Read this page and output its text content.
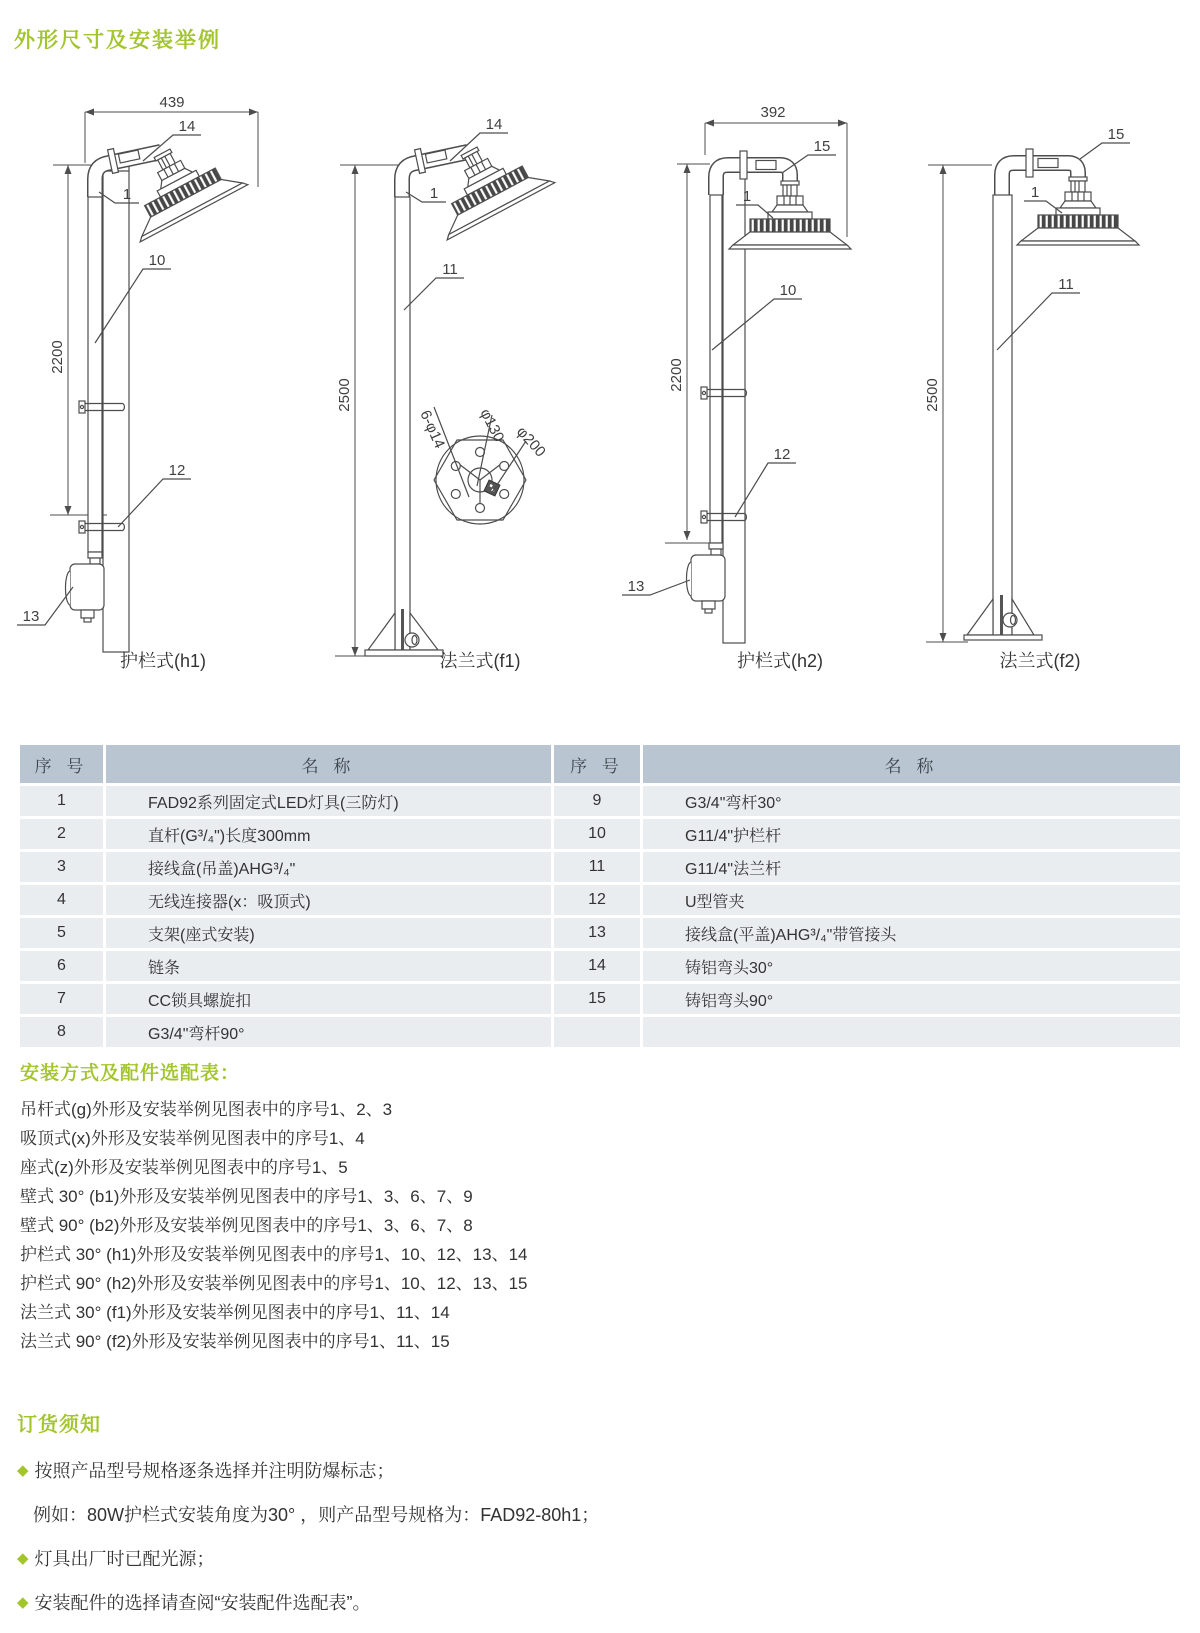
外形尺寸及安装举例
2200
439
14
1
10
12
13
护栏式(h1)
2500
14
1
11
6-φ14 φ130 φ200
法兰式(f1)
392
2200
15
1
10
12
13
护栏式(h2)
2500
15
1
11
法兰式(f2)
序 号	名 称	序 号	名 称
1	FAD92系列固定式LED灯具(三防灯)	9	G3/4"弯杆30°
2	直杆(G³/₄")长度300mm	10	G11/4"护栏杆
3	接线盒(吊盖)AHG³/₄"	11	G11/4"法兰杆
4	无线连接器(x：吸顶式)	12	U型管夹
5	支架(座式安装)	13	接线盒(平盖)AHG³/₄"带管接头
6	链条	14	铸铝弯头30°
7	CC锁具螺旋扣	15	铸铝弯头90°
8	G3/4"弯杆90°
安装方式及配件选配表：
吊杆式(g)外形及安装举例见图表中的序号1、2、3
吸顶式(x)外形及安装举例见图表中的序号1、4
座式(z)外形及安装举例见图表中的序号1、5
壁式 30° (b1)外形及安装举例见图表中的序号1、3、6、7、9
壁式 90° (b2)外形及安装举例见图表中的序号1、3、6、7、8
护栏式 30° (h1)外形及安装举例见图表中的序号1、10、12、13、14
护栏式 90° (h2)外形及安装举例见图表中的序号1、10、12、13、15
法兰式 30° (f1)外形及安装举例见图表中的序号1、11、14
法兰式 90° (f2)外形及安装举例见图表中的序号1、11、15
订货须知
◆ 按照产品型号规格逐条选择并注明防爆标志；
例如：80W护栏式安装角度为30° ，则产品型号规格为：FAD92-80h1；
◆ 灯具出厂时已配光源；
◆ 安装配件的选择请查阅“安装配件选配表”。
